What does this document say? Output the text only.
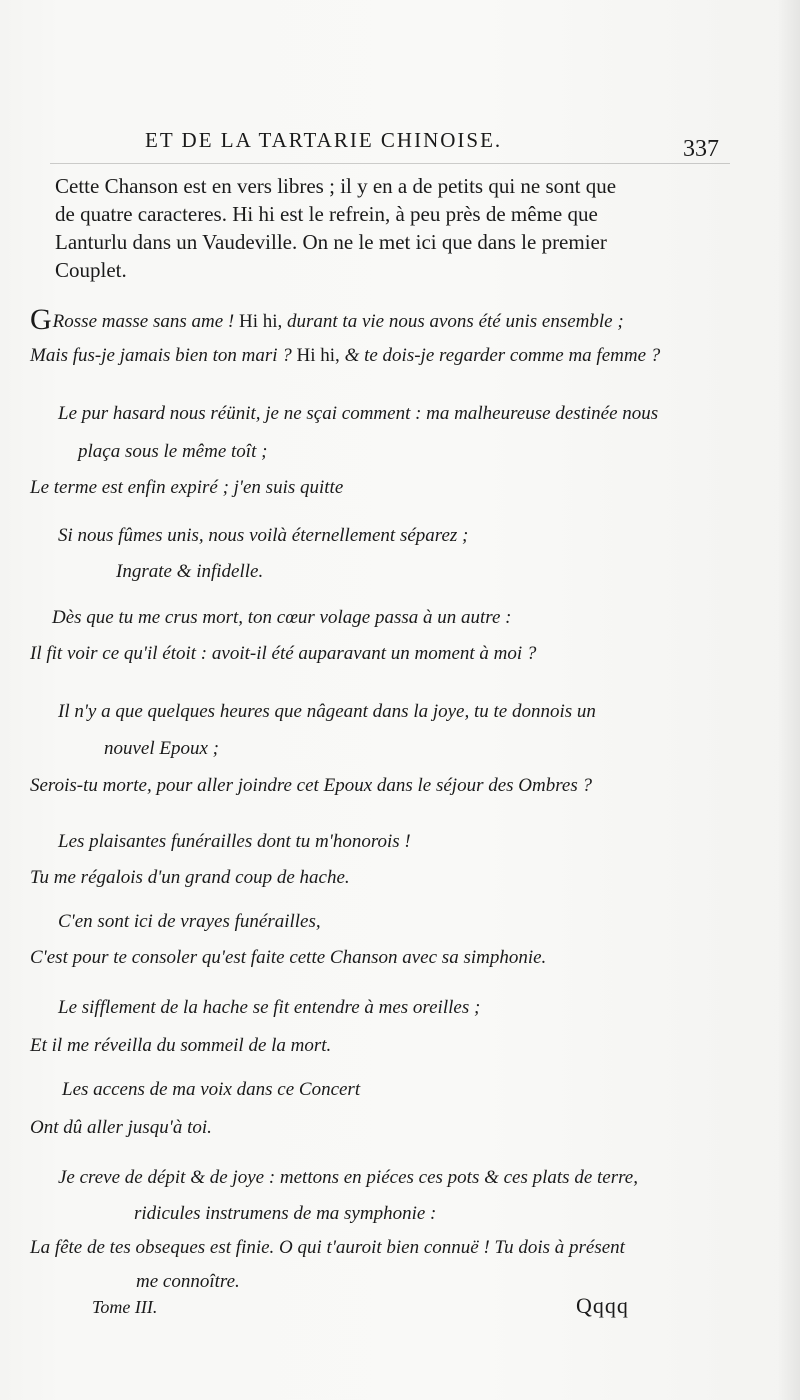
ET DE LA TARTARIE CHINOISE.	337
Cette Chanson est en vers libres ; il y en a de petits qui ne sont que
de quatre caracteres. Hi hi est le refrein, à peu près de même que
Lanturlu dans un Vaudeville. On ne le met ici que dans le premier
Couplet.
GRosse masse sans ame ! Hi hi, durant ta vie nous avons été unis ensemble ;
Mais fus-je jamais bien ton mari ? Hi hi, & te dois-je regarder comme ma femme ?
Le pur hasard nous réünit, je ne sçai comment : ma malheureuse destinée nous
plaça sous le même toît ;
Le terme est enfin expiré ; j'en suis quitte
Si nous fûmes unis, nous voilà éternellement séparez ;
Ingrate & infidelle.
Dès que tu me crus mort, ton cœur volage passa à un autre :
Il fit voir ce qu'il étoit : avoit-il été auparavant un moment à moi ?
Il n'y a que quelques heures que nâgeant dans la joye, tu te donnois un
nouvel Epoux ;
Serois-tu morte, pour aller joindre cet Epoux dans le séjour des Ombres ?
Les plaisantes funérailles dont tu m'honorois !
Tu me régalois d'un grand coup de hache.
C'en sont ici de vrayes funérailles,
C'est pour te consoler qu'est faite cette Chanson avec sa simphonie.
Le sifflement de la hache se fit entendre à mes oreilles ;
Et il me réveilla du sommeil de la mort.
Les accens de ma voix dans ce Concert
Ont dû aller jusqu'à toi.
Je creve de dépit & de joye : mettons en piéces ces pots & ces plats de terre,
ridicules instrumens de ma symphonie :
La fête de tes obseques est finie. O qui t'auroit bien connuë ! Tu dois à présent
me connoître.
Tome III.	Qqqq
